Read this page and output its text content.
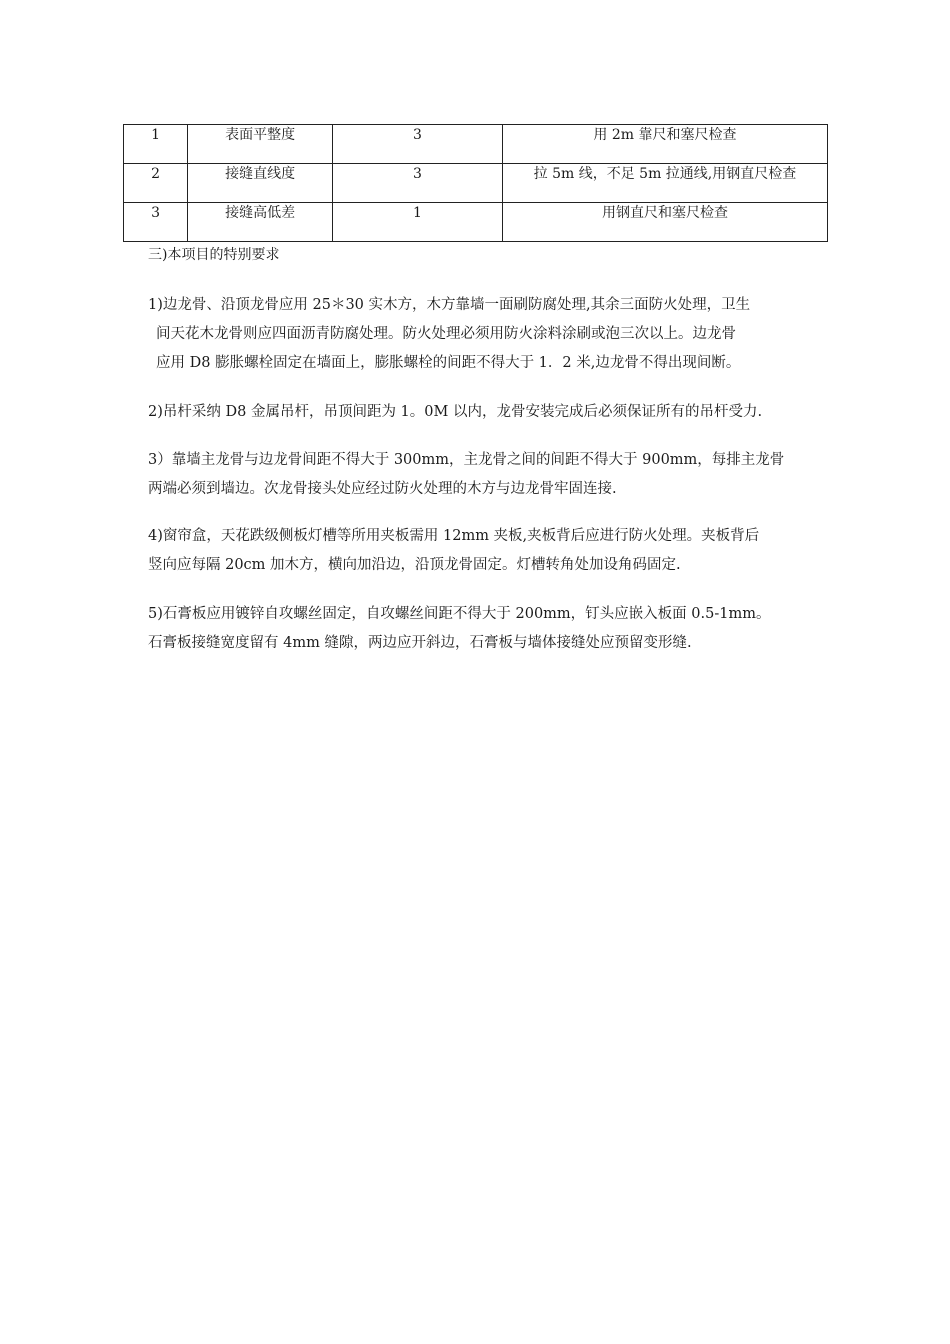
1	表面平整度	3	用 2m 靠尺和塞尺检查
2	接缝直线度	3	拉 5m 线，不足 5m 拉通线,用钢直尺检查
3	接缝高低差	1	用钢直尺和塞尺检查
三)本项目的特别要求

1)边龙骨、沿顶龙骨应用 25＊30 实木方，木方靠墙一面刷防腐处理,其余三面防火处理，卫生
间天花木龙骨则应四面沥青防腐处理。防火处理必须用防火涂料涂刷或泡三次以上。边龙骨
应用 D8 膨胀螺栓固定在墙面上，膨胀螺栓的间距不得大于 1．2 米,边龙骨不得出现间断。

2)吊杆采纳 D8 金属吊杆，吊顶间距为 1。0M 以内，龙骨安装完成后必须保证所有的吊杆受力.

3）靠墙主龙骨与边龙骨间距不得大于 300mm，主龙骨之间的间距不得大于 900mm，每排主龙骨
两端必须到墙边。次龙骨接头处应经过防火处理的木方与边龙骨牢固连接.

4)窗帘盒，天花跌级侧板灯槽等所用夹板需用 12mm 夹板,夹板背后应进行防火处理。夹板背后
竖向应每隔 20cm 加木方，横向加沿边，沿顶龙骨固定。灯槽转角处加设角码固定.

5)石膏板应用镀锌自攻螺丝固定，自攻螺丝间距不得大于 200mm，钉头应嵌入板面 0.5-1mm。
石膏板接缝宽度留有 4mm 缝隙，两边应开斜边，石膏板与墙体接缝处应预留变形缝.
